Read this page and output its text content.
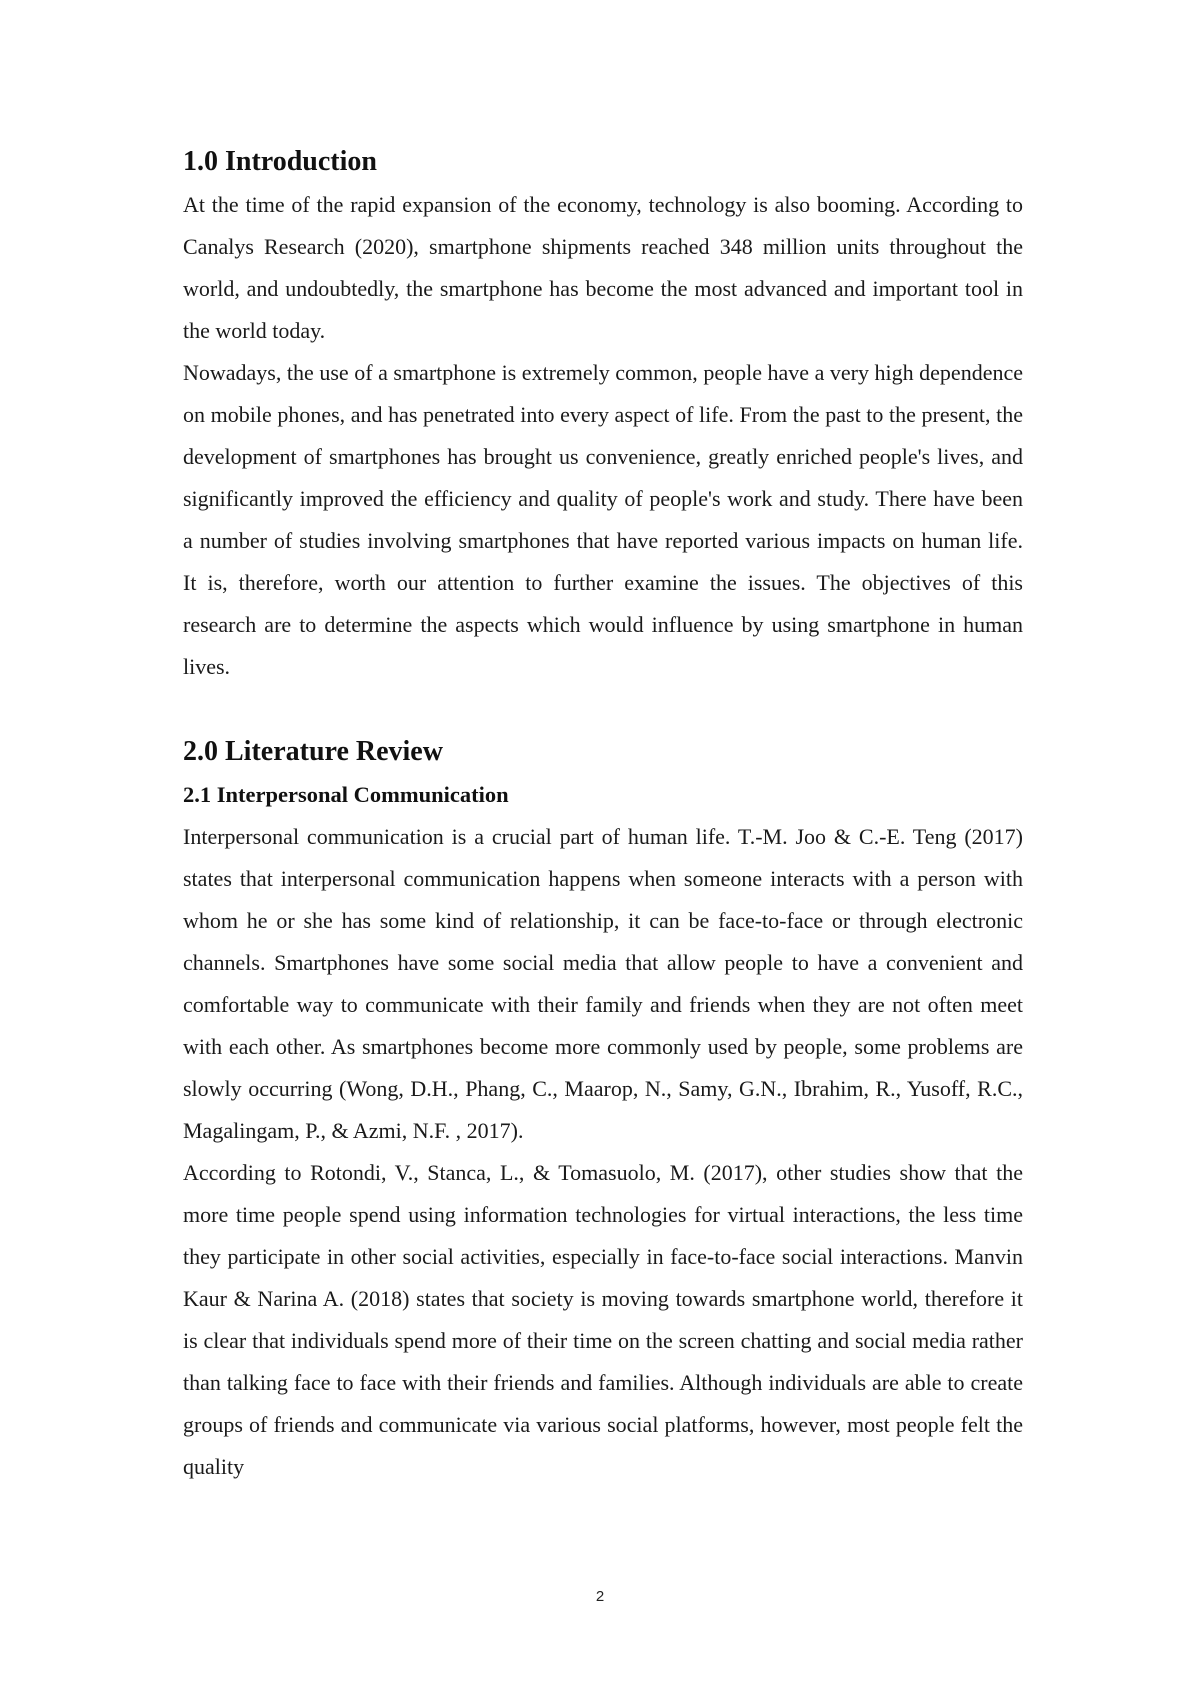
1.0 Introduction

At the time of the rapid expansion of the economy, technology is also booming. According to Canalys Research (2020), smartphone shipments reached 348 million units throughout the world, and undoubtedly, the smartphone has become the most advanced and important tool in the world today.

Nowadays, the use of a smartphone is extremely common, people have a very high dependence on mobile phones, and has penetrated into every aspect of life. From the past to the present, the development of smartphones has brought us convenience, greatly enriched people's lives, and significantly improved the efficiency and quality of people's work and study. There have been a number of studies involving smartphones that have reported various impacts on human life. It is, therefore, worth our attention to further examine the issues. The objectives of this research are to determine the aspects which would influence by using smartphone in human lives.

2.0 Literature Review
2.1 Interpersonal Communication

Interpersonal communication is a crucial part of human life. T.-M. Joo & C.-E. Teng (2017) states that interpersonal communication happens when someone interacts with a person with whom he or she has some kind of relationship, it can be face-to-face or through electronic channels. Smartphones have some social media that allow people to have a convenient and comfortable way to communicate with their family and friends when they are not often meet with each other. As smartphones become more commonly used by people, some problems are slowly occurring (Wong, D.H., Phang, C., Maarop, N., Samy, G.N., Ibrahim, R., Yusoff, R.C., Magalingam, P., & Azmi, N.F. , 2017).

According to Rotondi, V., Stanca, L., & Tomasuolo, M. (2017), other studies show that the more time people spend using information technologies for virtual interactions, the less time they participate in other social activities, especially in face-to-face social interactions. Manvin Kaur & Narina A. (2018) states that society is moving towards smartphone world, therefore it is clear that individuals spend more of their time on the screen chatting and social media rather than talking face to face with their friends and families. Although individuals are able to create groups of friends and communicate via various social platforms, however, most people felt the quality

2
